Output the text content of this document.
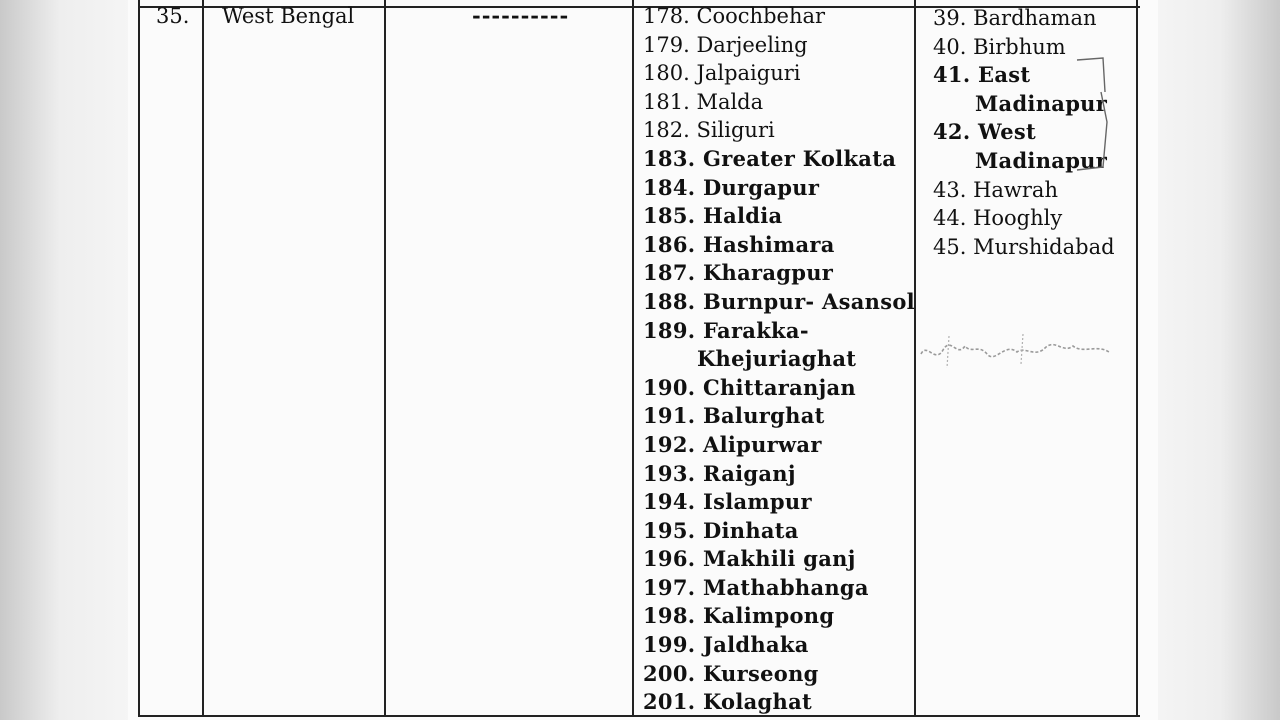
35. West Bengal	----------	178. Coochbehar
179. Darjeeling
180. Jalpaiguri
181. Malda
182. Siliguri
183. Greater Kolkata
184. Durgapur
185. Haldia
186. Hashimara
187. Kharagpur
188. Burnpur- Asansol
189. Farakka-
Khejuriaghat
190. Chittaranjan
191. Balurghat
192. Alipurwar
193. Raiganj
194. Islampur
195. Dinhata
196. Makhili ganj
197. Mathabhanga
198. Kalimpong
199. Jaldhaka
200. Kurseong
201. Kolaghat
39. Bardhaman
40. Birbhum
41. East
Madinapur
42. West
Madinapur
43. Hawrah
44. Hooghly
45. Murshidabad
